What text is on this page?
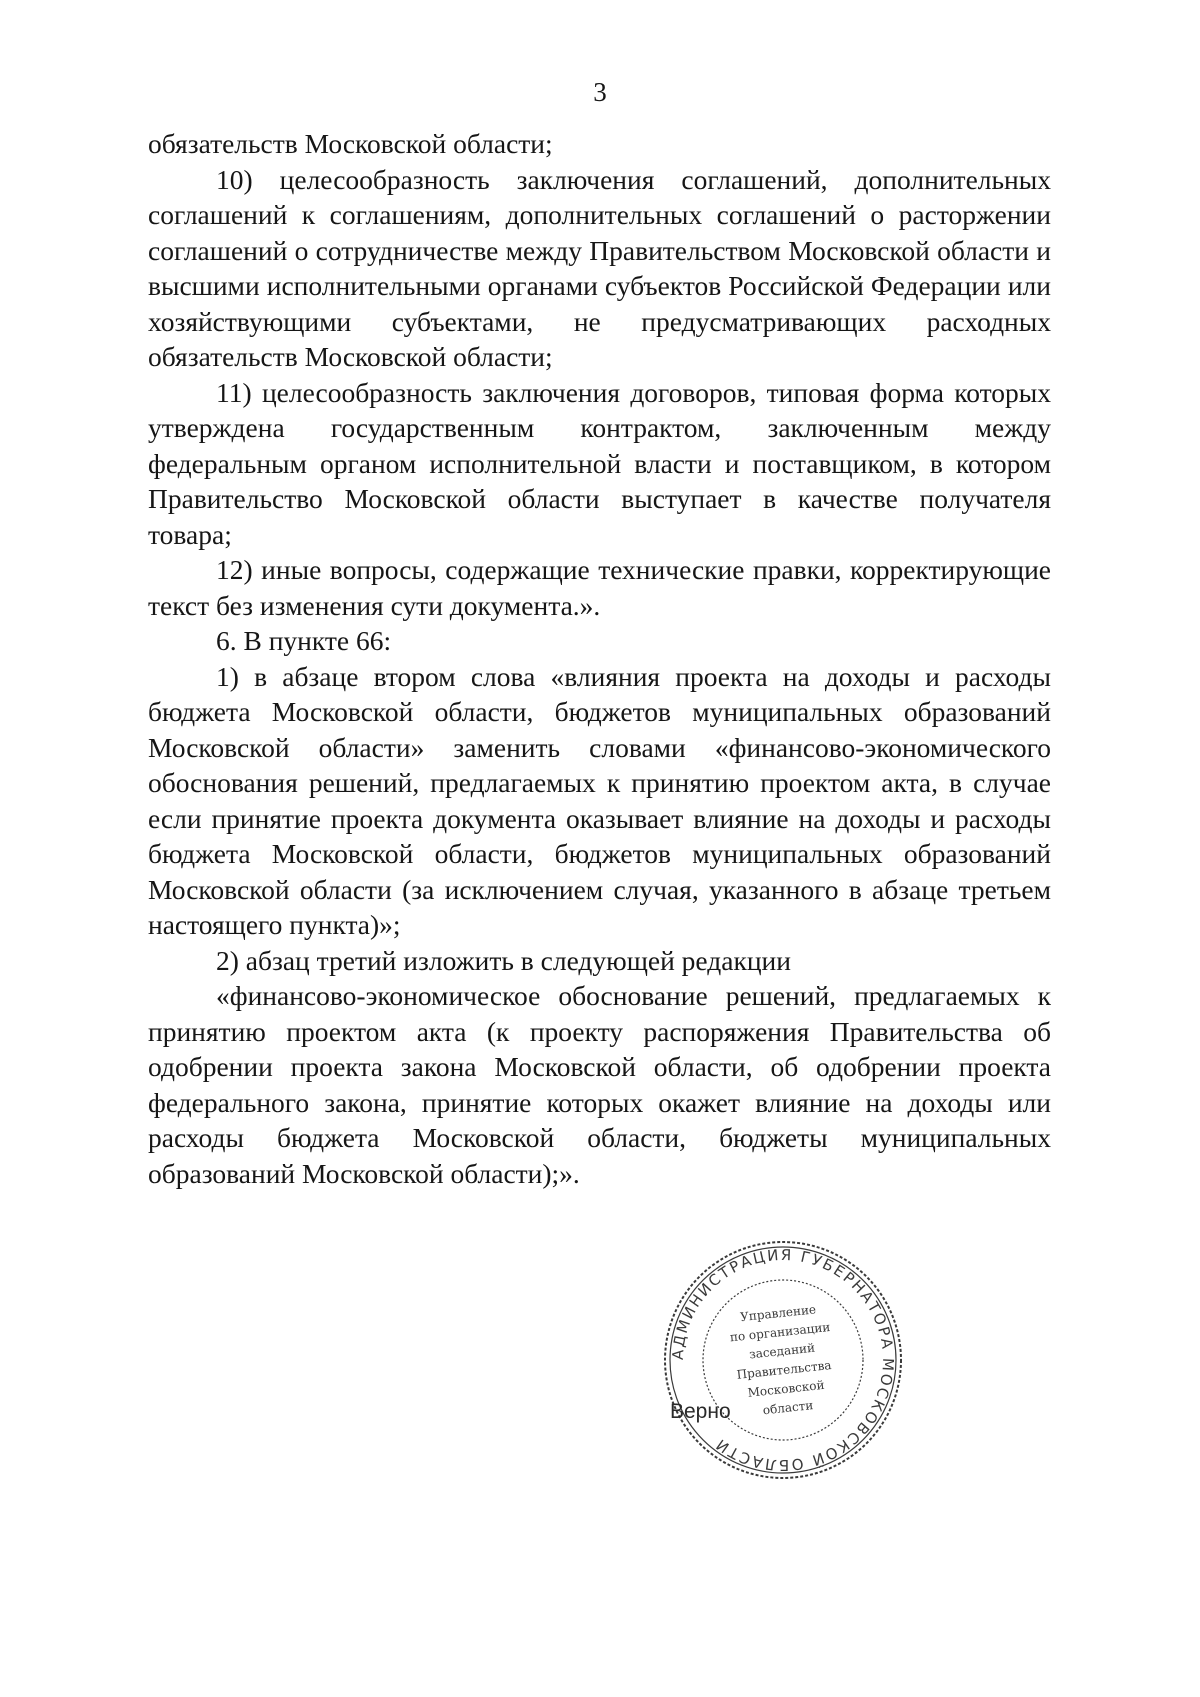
3

обязательств Московской области;

10) целесообразность заключения соглашений, дополнительных соглашений к соглашениям, дополнительных соглашений о расторжении соглашений о сотрудничестве между Правительством Московской области и высшими исполнительными органами субъектов Российской Федерации или хозяйствующими субъектами, не предусматривающих расходных обязательств Московской области;

11) целесообразность заключения договоров, типовая форма которых утверждена государственным контрактом, заключенным между федеральным органом исполнительной власти и поставщиком, в котором Правительство Московской области выступает в качестве получателя товара;

12) иные вопросы, содержащие технические правки, корректирующие текст без изменения сути документа.».

6. В пункте 66:

1) в абзаце втором слова «влияния проекта на доходы и расходы бюджета Московской области, бюджетов муниципальных образований Московской области» заменить словами «финансово-экономического обоснования решений, предлагаемых к принятию проектом акта, в случае если принятие проекта документа оказывает влияние на доходы и расходы бюджета Московской области, бюджетов муниципальных образований Московской области (за исключением случая, указанного в абзаце третьем настоящего пункта)»;

2) абзац третий изложить в следующей редакции

«финансово-экономическое обоснование решений, предлагаемых к принятию проектом акта (к проекту распоряжения Правительства об одобрении проекта закона Московской области, об одобрении проекта федерального закона, принятие которых окажет влияние на доходы или расходы бюджета Московской области, бюджеты муниципальных образований Московской области);».

АДМИНИСТРАЦИЯ ГУБЕРНАТОРА МОСКОВСКОЙ ОБЛАСТИ
Управление
по организации
заседаний
Правительства
Московской
области
Верно
